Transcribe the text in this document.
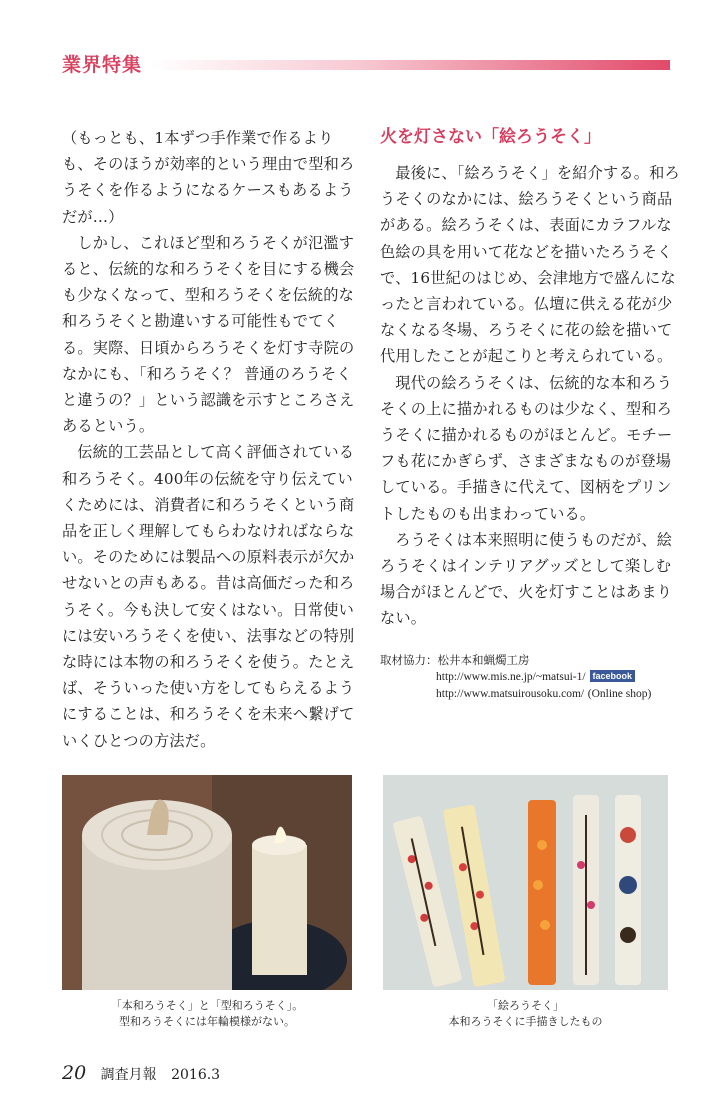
業界特集

（もっとも、1本ずつ手作業で作るよりも、そのほうが効率的という理由で型和ろうそくを作るようになるケースもあるようだが…）

しかし、これほど型和ろうそくが氾濫すると、伝統的な和ろうそくを目にする機会も少なくなって、型和ろうそくを伝統的な和ろうそくと勘違いする可能性もでてくる。実際、日頃からろうそくを灯す寺院のなかにも、「和ろうそく？ 普通のろうそくと違うの？」という認識を示すところさえあるという。

伝統的工芸品として高く評価されている和ろうそく。400年の伝統を守り伝えていくためには、消費者に和ろうそくという商品を正しく理解してもらわなければならない。そのためには製品への原料表示が欠かせないとの声もある。昔は高価だった和ろうそく。今も決して安くはない。日常使いには安いろうそくを使い、法事などの特別な時には本物の和ろうそくを使う。たとえば、そういった使い方をしてもらえるようにすることは、和ろうそくを未来へ繋げていくひとつの方法だ。

火を灯さない「絵ろうそく」

最後に、「絵ろうそく」を紹介する。和ろうそくのなかには、絵ろうそくという商品がある。絵ろうそくは、表面にカラフルな色絵の具を用いて花などを描いたろうそくで、16世紀のはじめ、会津地方で盛んになったと言われている。仏壇に供える花が少なくなる冬場、ろうそくに花の絵を描いて代用したことが起こりと考えられている。

現代の絵ろうそくは、伝統的な本和ろうそくの上に描かれるものは少なく、型和ろうそくに描かれるものがほとんど。モチーフも花にかぎらず、さまざまなものが登場している。手描きに代えて、図柄をプリントしたものも出まわっている。

ろうそくは本来照明に使うものだが、絵ろうそくはインテリアグッズとして楽しむ場合がほとんどで、火を灯すことはあまりない。

取材協力：松井本和蝋燭工房
http://www.mis.ne.jp/~matsui-1/ facebook
http://www.matsuirousoku.com/ (Online shop)
「本和ろうそく」と「型和ろうそく」。
型和ろうそくには年輪模様がない。
「絵ろうそく」
本和ろうそくに手描きしたもの
20 調査月報 2016.3
